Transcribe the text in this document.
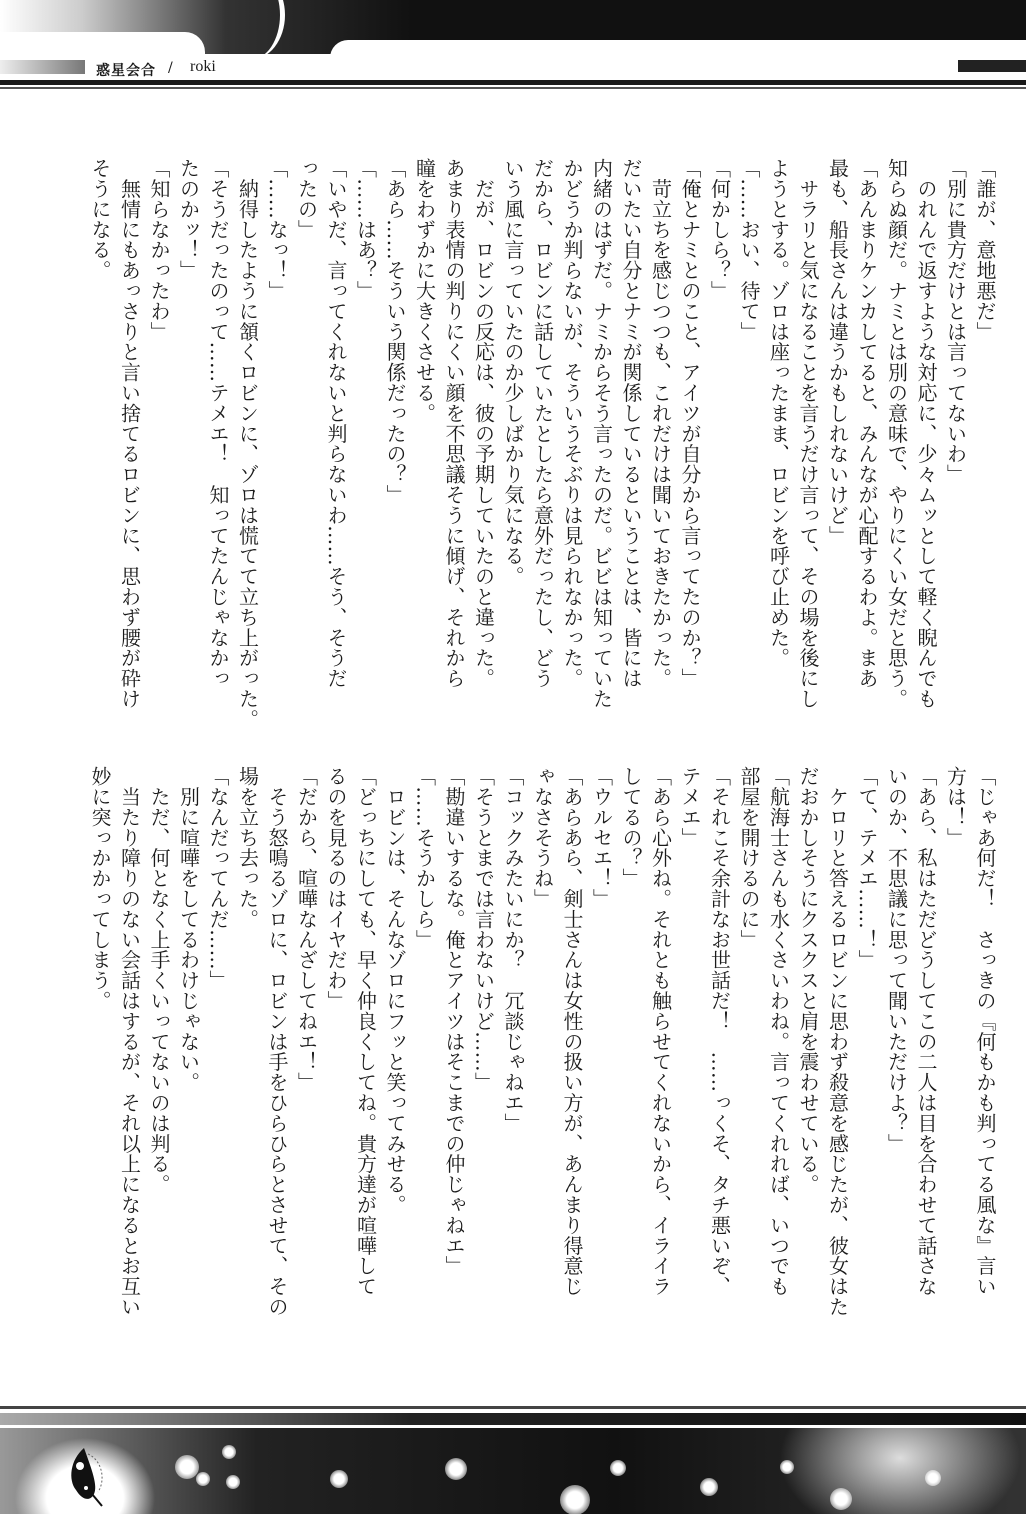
惑星会合 / roki
「誰が、意地悪だ」
「別に貴方だけとは言ってないわ」
　のれんで返すような対応に、少々ムッとして軽く睨んでも
知らぬ顔だ。ナミとは別の意味で、やりにくい女だと思う。
「あんまりケンカしてると、みんなが心配するわよ。まあ
最も、船長さんは違うかもしれないけど」
　サラリと気になることを言うだけ言って、その場を後にし
ようとする。ゾロは座ったまま、ロビンを呼び止めた。
「……おい、待て」
「何かしら？」
「俺とナミとのこと、アイツが自分から言ってたのか？」
　苛立ちを感じつつも、これだけは聞いておきたかった。
だいたい自分とナミが関係しているということは、皆には
内緒のはずだ。ナミからそう言ったのだ。ビビは知っていた
かどうか判らないが、そういうそぶりは見られなかった。
だから、ロビンに話していたとしたら意外だったし、どう
いう風に言っていたのか少しばかり気になる。
　だが、ロビンの反応は、彼の予期していたのと違った。
あまり表情の判りにくい顔を不思議そうに傾げ、それから
瞳をわずかに大きくさせる。
「あら……そういう関係だったの？」
「……はあ？」
「いやだ、言ってくれないと判らないわ……そう、そうだ
ったの」
「……なっ！」
　納得したように頷くロビンに、ゾロは慌てて立ち上がった。
「そうだったのって……テメエ！　知ってたんじゃなかっ
たのかッ！」
「知らなかったわ」
　無情にもあっさりと言い捨てるロビンに、思わず腰が砕け
そうになる。
「じゃあ何だ！　さっきの『何もかも判ってる風な』言い
方は！」
「あら、私はただどうしてこの二人は目を合わせて話さな
いのか、不思議に思って聞いただけよ？」
「て、テメエ……！」
　ケロリと答えるロビンに思わず殺意を感じたが、彼女はた
だおかしそうにクスクスと肩を震わせている。
「航海士さんも水くさいわね。言ってくれれば、いつでも
部屋を開けるのに」
「それこそ余計なお世話だ！　……っくそ、タチ悪いぞ、
テメエ」
「あら心外ね。それとも触らせてくれないから、イライラ
してるの？」
「ウルセエ！」
「あらあら、剣士さんは女性の扱い方が、あんまり得意じ
ゃなさそうね」
「コックみたいにか？　冗談じゃねエ」
「そうとまでは言わないけど……」
「勘違いするな。俺とアイツはそこまでの仲じゃねエ」
「……そうかしら」
　ロビンは、そんなゾロにフッと笑ってみせる。
「どっちにしても、早く仲良くしてね。貴方達が喧嘩して
るのを見るのはイヤだわ」
「だから、喧嘩なんざしてねエ！」
　そう怒鳴るゾロに、ロビンは手をひらひらとさせて、その
場を立ち去った。
「なんだってんだ……」
　別に喧嘩をしてるわけじゃない。
　ただ、何となく上手くいってないのは判る。
　当たり障りのない会話はするが、それ以上になるとお互い
妙に突っかかってしまう。
